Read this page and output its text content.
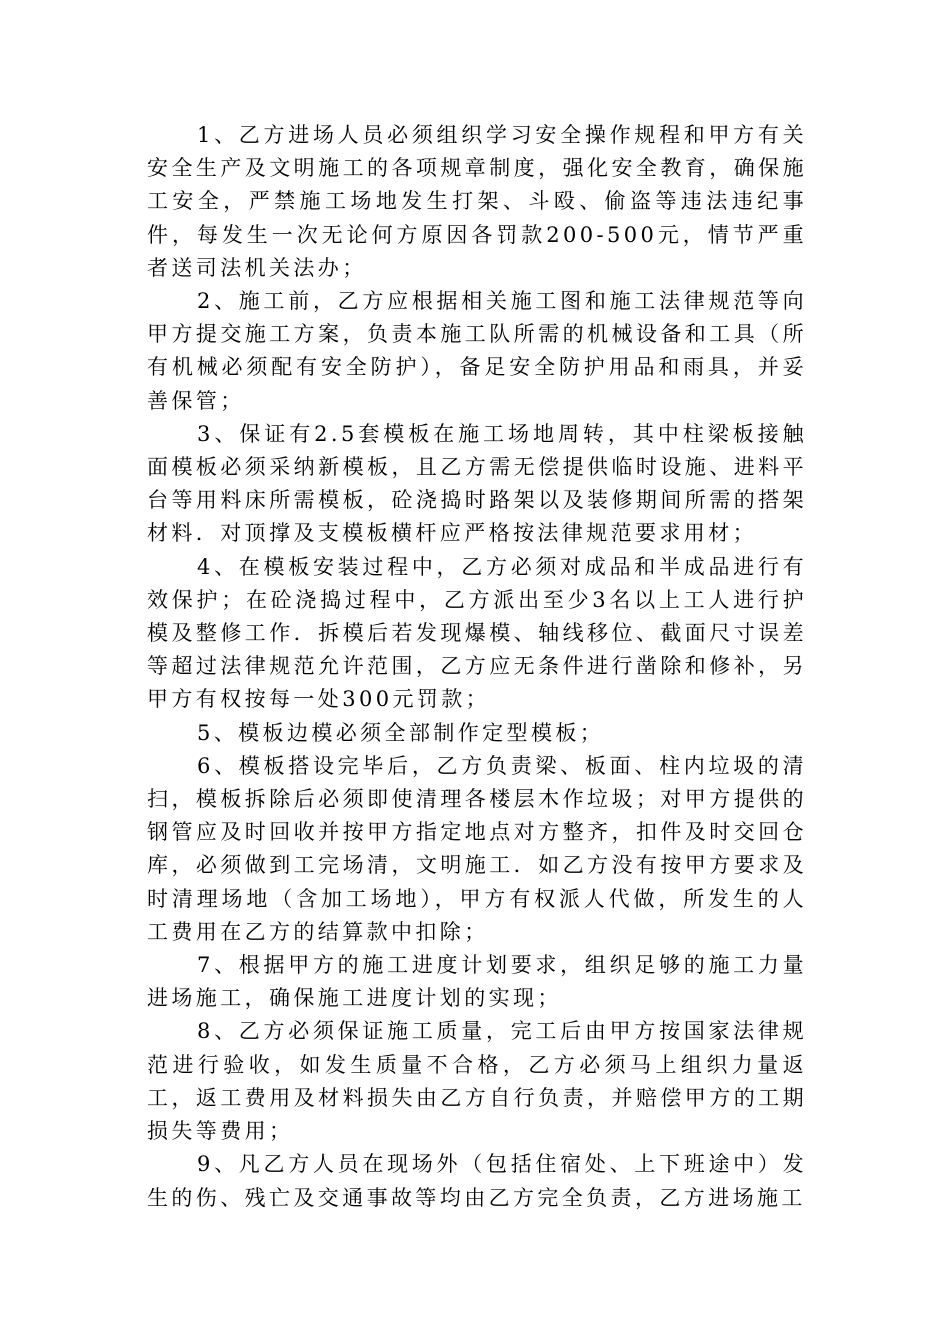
1、乙方进场人员必须组织学习安全操作规程和甲方有关安全生产及文明施工的各项规章制度，强化安全教育，确保施工安全，严禁施工场地发生打架、斗殴、偷盗等违法违纪事件，每发生一次无论何方原因各罚款200-500元，情节严重者送司法机关法办；

2、施工前，乙方应根据相关施工图和施工法律规范等向甲方提交施工方案，负责本施工队所需的机械设备和工具（所有机械必须配有安全防护），备足安全防护用品和雨具，并妥善保管；

3、保证有2.5套模板在施工场地周转，其中柱梁板接触面模板必须采纳新模板，且乙方需无偿提供临时设施、进料平台等用料床所需模板，砼浇捣时路架以及装修期间所需的搭架材料．对顶撑及支模板横杆应严格按法律规范要求用材；

4、在模板安装过程中，乙方必须对成品和半成品进行有效保护；在砼浇捣过程中，乙方派出至少3名以上工人进行护模及整修工作．拆模后若发现爆模、轴线移位、截面尺寸误差等超过法律规范允许范围，乙方应无条件进行凿除和修补，另甲方有权按每一处300元罚款；

5、模板边模必须全部制作定型模板；

6、模板搭设完毕后，乙方负责梁、板面、柱内垃圾的清扫，模板拆除后必须即使清理各楼层木作垃圾；对甲方提供的钢管应及时回收并按甲方指定地点对方整齐，扣件及时交回仓库，必须做到工完场清，文明施工．如乙方没有按甲方要求及时清理场地（含加工场地），甲方有权派人代做，所发生的人工费用在乙方的结算款中扣除；

7、根据甲方的施工进度计划要求，组织足够的施工力量进场施工，确保施工进度计划的实现；

8、乙方必须保证施工质量，完工后由甲方按国家法律规范进行验收，如发生质量不合格，乙方必须马上组织力量返工，返工费用及材料损失由乙方自行负责，并赔偿甲方的工期损失等费用；

9、凡乙方人员在现场外（包括住宿处、上下班途中）发生的伤、残亡及交通事故等均由乙方完全负责，乙方进场施工
